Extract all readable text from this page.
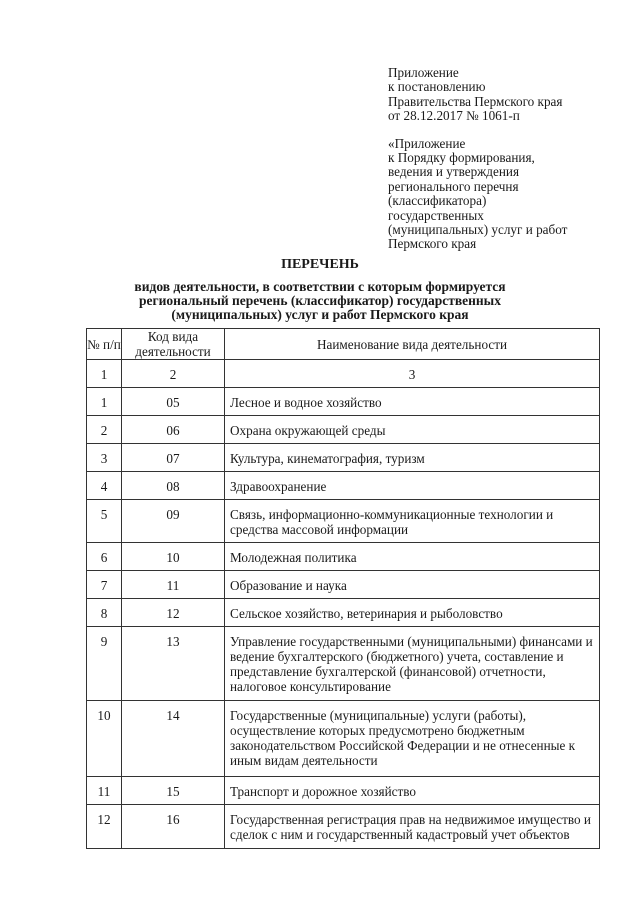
Приложение
к постановлению
Правительства Пермского края
от 28.12.2017 № 1061-п
«Приложение
к Порядку формирования,
ведения и утверждения
регионального перечня
(классификатора)
государственных
(муниципальных) услуг и работ
Пермского края
ПЕРЕЧЕНЬ
видов деятельности, в соответствии с которым формируется региональный перечень (классификатор) государственных (муниципальных) услуг и работ Пермского края
№ п/п	Код вида деятельности	Наименование вида деятельности
1	2	3
1	05	Лесное и водное хозяйство
2	06	Охрана окружающей среды
3	07	Культура, кинематография, туризм
4	08	Здравоохранение
5	09	Связь, информационно-коммуникационные технологии и средства массовой информации
6	10	Молодежная политика
7	11	Образование и наука
8	12	Сельское хозяйство, ветеринария и рыболовство
9	13	Управление государственными (муниципальными) финансами и ведение бухгалтерского (бюджетного) учета, составление и представление бухгалтерской (финансовой) отчетности, налоговое консультирование
10	14	Государственные (муниципальные) услуги (работы), осуществление которых предусмотрено бюджетным законодательством Российской Федерации и не отнесенные к иным видам деятельности
11	15	Транспорт и дорожное хозяйство
12	16	Государственная регистрация прав на недвижимое имущество и сделок с ним и государственный кадастровый учет объектов
